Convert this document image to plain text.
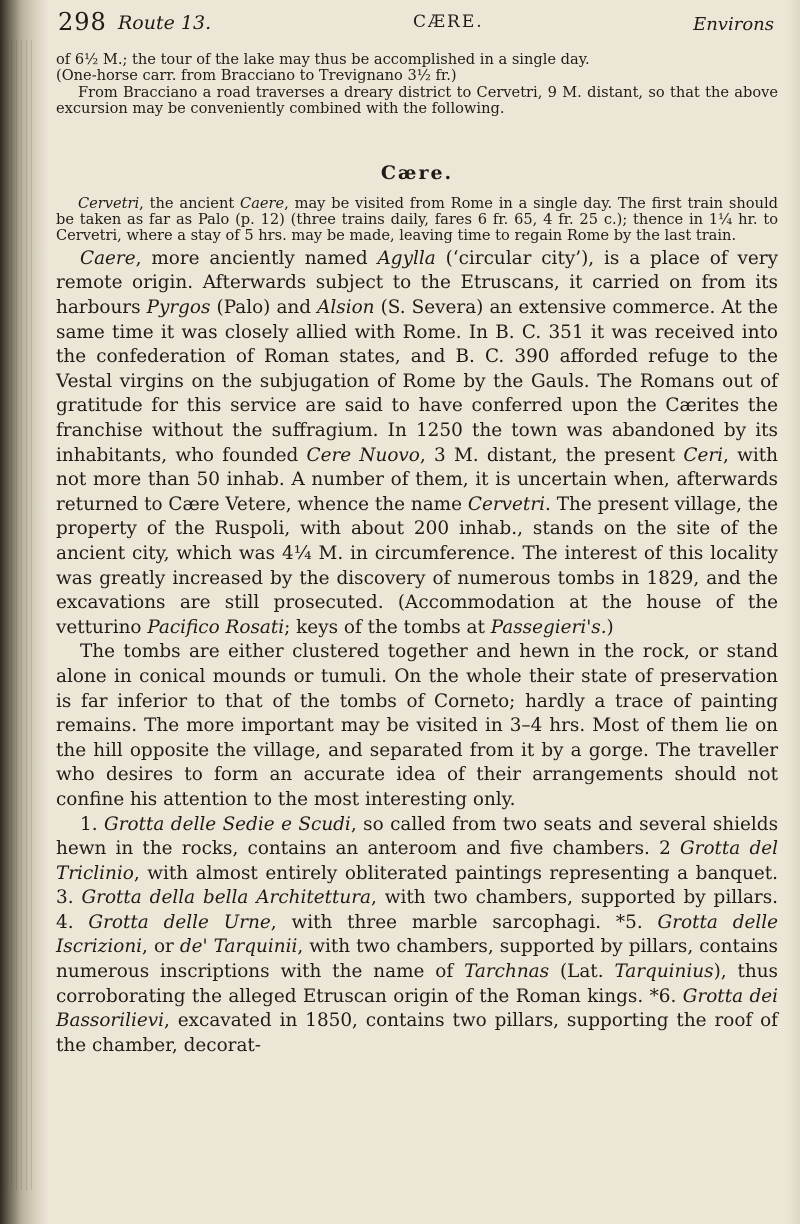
298 Route 13.	CÆRE.	Environs

of 6½ M.; the tour of the lake may thus be accomplished in a single day.

(One-horse carr. from Bracciano to Trevignano 3½ fr.)

From Bracciano a road traverses a dreary district to Cervetri, 9 M. distant, so that the above excursion may be conveniently combined with the following.

Cære.

Cervetri, the ancient Caere, may be visited from Rome in a single day. The first train should be taken as far as Palo (p. 12) (three trains daily, fares 6 fr. 65, 4 fr. 25 c.); thence in 1¼ hr. to Cervetri, where a stay of 5 hrs. may be made, leaving time to regain Rome by the last train.

Caere, more anciently named Agylla (‘circular city’), is a place of very remote origin. Afterwards subject to the Etruscans, it carried on from its harbours Pyrgos (Palo) and Alsion (S. Severa) an extensive commerce. At the same time it was closely allied with Rome. In B. C. 351 it was received into the confederation of Roman states, and B. C. 390 afforded refuge to the Vestal virgins on the subjugation of Rome by the Gauls. The Romans out of gratitude for this service are said to have conferred upon the Cærites the franchise without the suffragium. In 1250 the town was abandoned by its inhabitants, who founded Cere Nuovo, 3 M. distant, the present Ceri, with not more than 50 inhab. A number of them, it is uncertain when, afterwards returned to Cære Vetere, whence the name Cervetri. The present village, the property of the Ruspoli, with about 200 inhab., stands on the site of the ancient city, which was 4¼ M. in circumference. The interest of this locality was greatly increased by the discovery of numerous tombs in 1829, and the excavations are still prosecuted. (Accommodation at the house of the vetturino Pacifico Rosati; keys of the tombs at Passegieri's.)

The tombs are either clustered together and hewn in the rock, or stand alone in conical mounds or tumuli. On the whole their state of preservation is far inferior to that of the tombs of Corneto; hardly a trace of painting remains. The more important may be visited in 3–4 hrs. Most of them lie on the hill opposite the village, and separated from it by a gorge. The traveller who desires to form an accurate idea of their arrangements should not confine his attention to the most interesting only.

1. Grotta delle Sedie e Scudi, so called from two seats and several shields hewn in the rocks, contains an anteroom and five chambers. 2 Grotta del Triclinio, with almost entirely obliterated paintings representing a banquet. 3. Grotta della bella Architettura, with two chambers, supported by pillars. 4. Grotta delle Urne, with three marble sarcophagi. *5. Grotta delle Iscrizioni, or de' Tarquinii, with two chambers, supported by pillars, contains numerous inscriptions with the name of Tarchnas (Lat. Tarquinius), thus corroborating the alleged Etruscan origin of the Roman kings. *6. Grotta dei Bassorilievi, excavated in 1850, contains two pillars, supporting the roof of the chamber, decorat-
